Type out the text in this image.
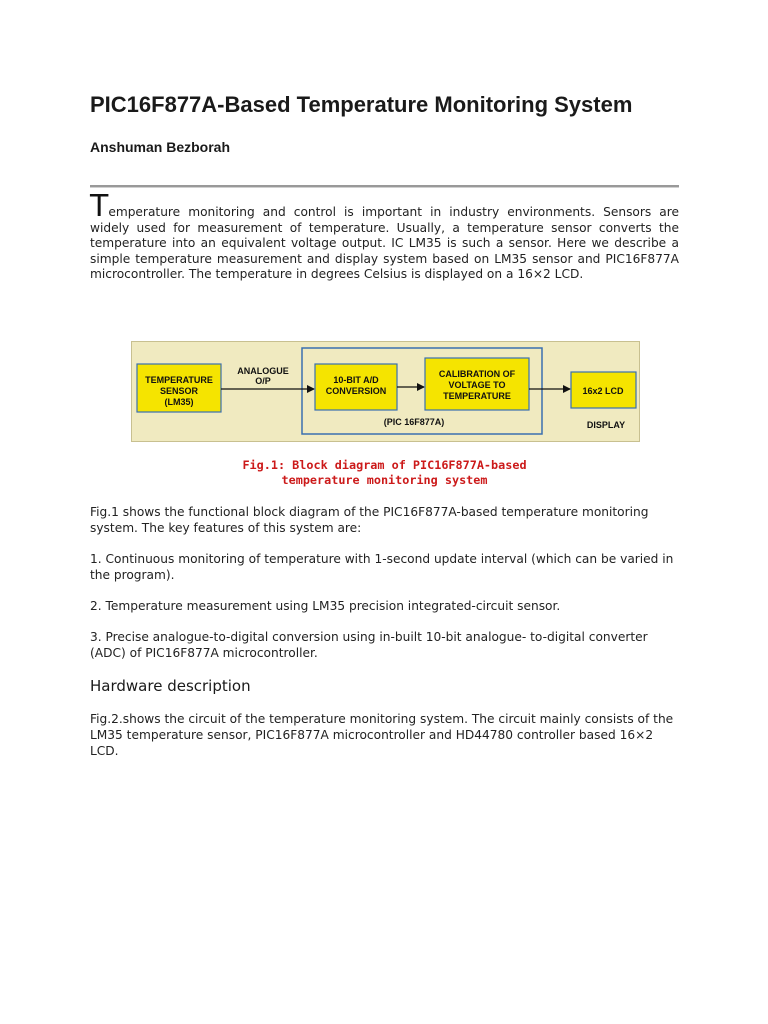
PIC16F877A-Based Temperature Monitoring System
Anshuman Bezborah

Temperature monitoring and control is important in industry environments. Sensors are widely used for measurement of temperature. Usually, a temperature sensor converts the temperature into an equivalent voltage output. IC LM35 is such a sensor. Here we describe a simple temperature measurement and display system based on LM35 sensor and PIC16F877A microcontroller. The temperature in degrees Celsius is displayed on a 16×2 LCD.

TEMPERATURE
SENSOR
(LM35)
ANALOGUE
O/P	10-BIT A/D
CONVERSION
CALIBRATION OF
VOLTAGE TO
TEMPERATURE
(PIC 16F877A)
16x2 LCD
DISPLAY
Fig.1: Block diagram of PIC16F877A-based
temperature monitoring system

Fig.1 shows the functional block diagram of the PIC16F877A-based temperature monitoring system. The key features of this system are:

1. Continuous monitoring of temperature with 1-second update interval (which can be varied in the program).

2. Temperature measurement using LM35 precision integrated-circuit sensor.

3. Precise analogue-to-digital conversion using in-built 10-bit analogue- to-digital converter (ADC) of PIC16F877A microcontroller.

Hardware description

Fig.2.shows the circuit of the temperature monitoring system. The circuit mainly consists of the LM35 temperature sensor, PIC16F877A microcontroller and HD44780 controller based 16×2 LCD.
